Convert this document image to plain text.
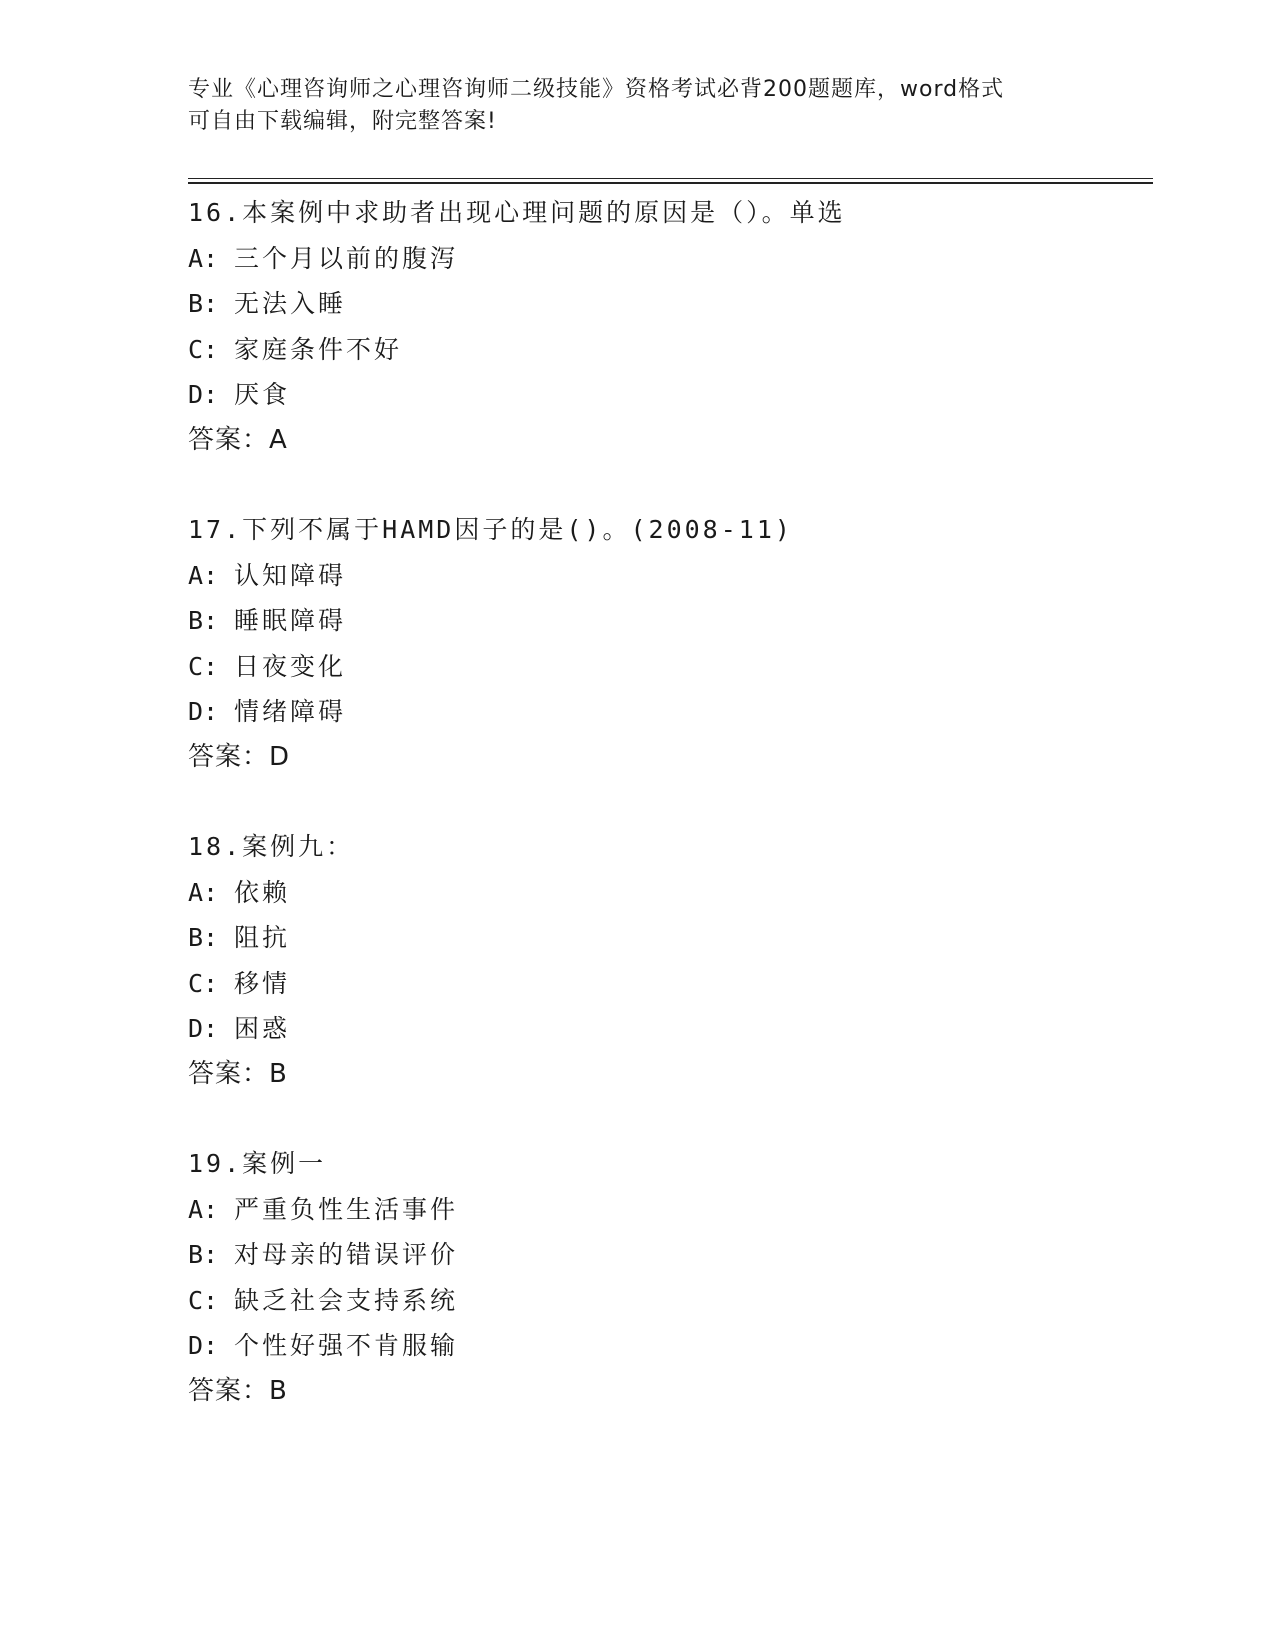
专业《心理咨询师之心理咨询师二级技能》资格考试必背200题题库，word格式
可自由下载编辑，附完整答案!
16.本案例中求助者出现心理问题的原因是（）。单选
A: 三个月以前的腹泻
B: 无法入睡
C: 家庭条件不好
D: 厌食
答案：A
17.下列不属于HAMD因子的是()。(2008-11)
A: 认知障碍
B: 睡眠障碍
C: 日夜变化
D: 情绪障碍
答案：D
18.案例九：
A: 依赖
B: 阻抗
C: 移情
D: 困惑
答案：B
19.案例一
A: 严重负性生活事件
B: 对母亲的错误评价
C: 缺乏社会支持系统
D: 个性好强不肯服输
答案：B
